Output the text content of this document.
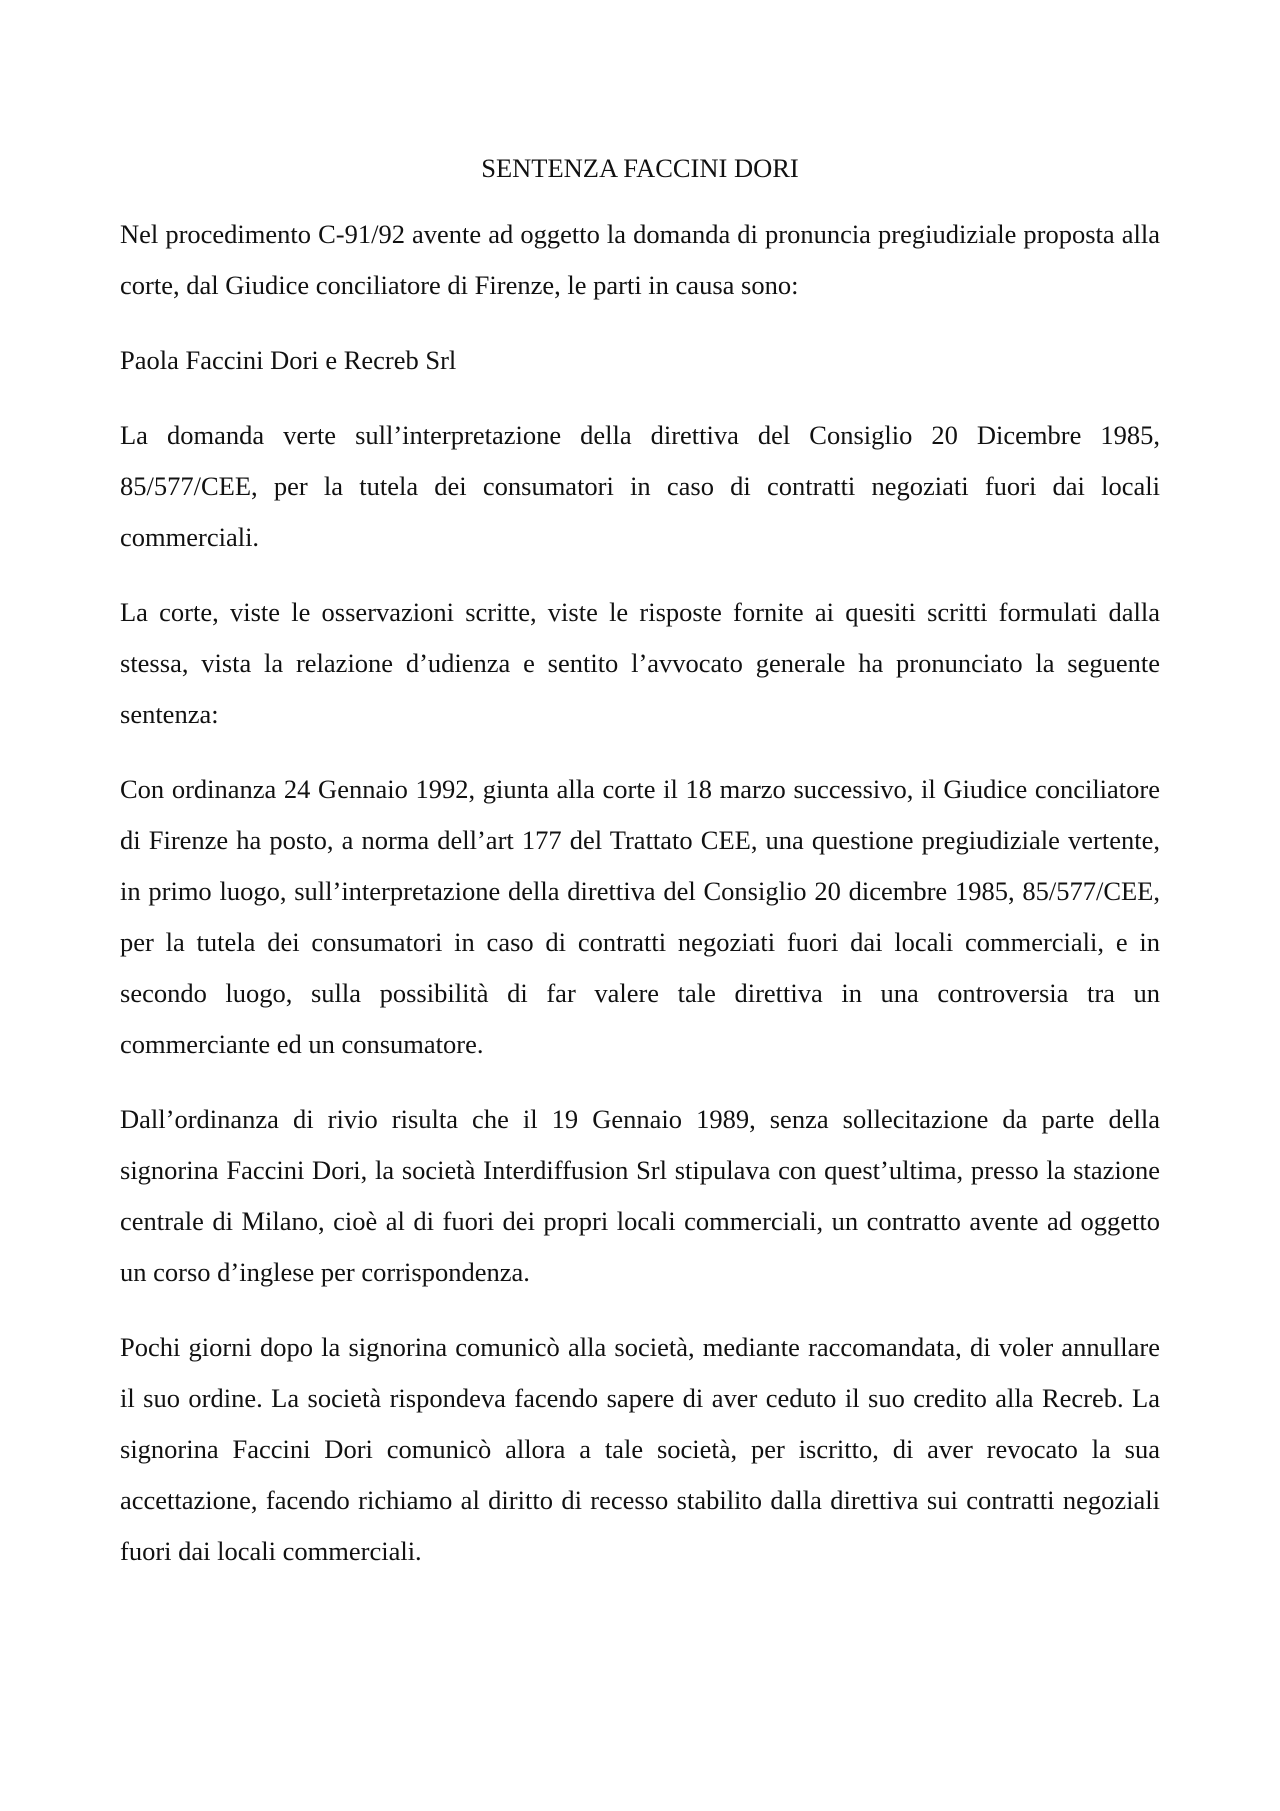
SENTENZA FACCINI DORI

Nel procedimento C-91/92 avente ad oggetto la domanda di pronuncia pregiudiziale proposta alla corte, dal Giudice conciliatore di Firenze, le parti in causa sono:

Paola Faccini Dori e Recreb Srl

La domanda verte sull’interpretazione della direttiva del Consiglio 20 Dicembre 1985, 85/577/CEE, per la tutela dei consumatori in caso di contratti negoziati fuori dai locali commerciali.

La corte, viste le osservazioni scritte, viste le risposte fornite ai quesiti scritti formulati dalla stessa, vista la relazione d’udienza e sentito l’avvocato generale ha pronunciato la seguente sentenza:

Con ordinanza 24 Gennaio 1992, giunta alla corte il 18 marzo successivo, il Giudice conciliatore di Firenze ha posto, a norma dell’art 177 del Trattato CEE, una questione pregiudiziale vertente, in primo luogo, sull’interpretazione della direttiva del Consiglio 20 dicembre 1985, 85/577/CEE, per la tutela dei consumatori in caso di contratti negoziati fuori dai locali commerciali, e in secondo luogo, sulla possibilità di far valere tale direttiva in una controversia tra un commerciante ed un consumatore.

Dall’ordinanza di rivio risulta che il 19 Gennaio 1989, senza sollecitazione da parte della signorina Faccini Dori, la società Interdiffusion Srl stipulava con quest’ultima, presso la stazione centrale di Milano, cioè al di fuori dei propri locali commerciali, un contratto avente ad oggetto un corso d’inglese per corrispondenza.

Pochi giorni dopo la signorina comunicò alla società, mediante raccomandata, di voler annullare il suo ordine. La società rispondeva facendo sapere di aver ceduto il suo credito alla Recreb. La signorina Faccini Dori comunicò allora a tale società, per iscritto, di aver revocato la sua accettazione, facendo richiamo al diritto di recesso stabilito dalla direttiva sui contratti negoziali fuori dai locali commerciali.
